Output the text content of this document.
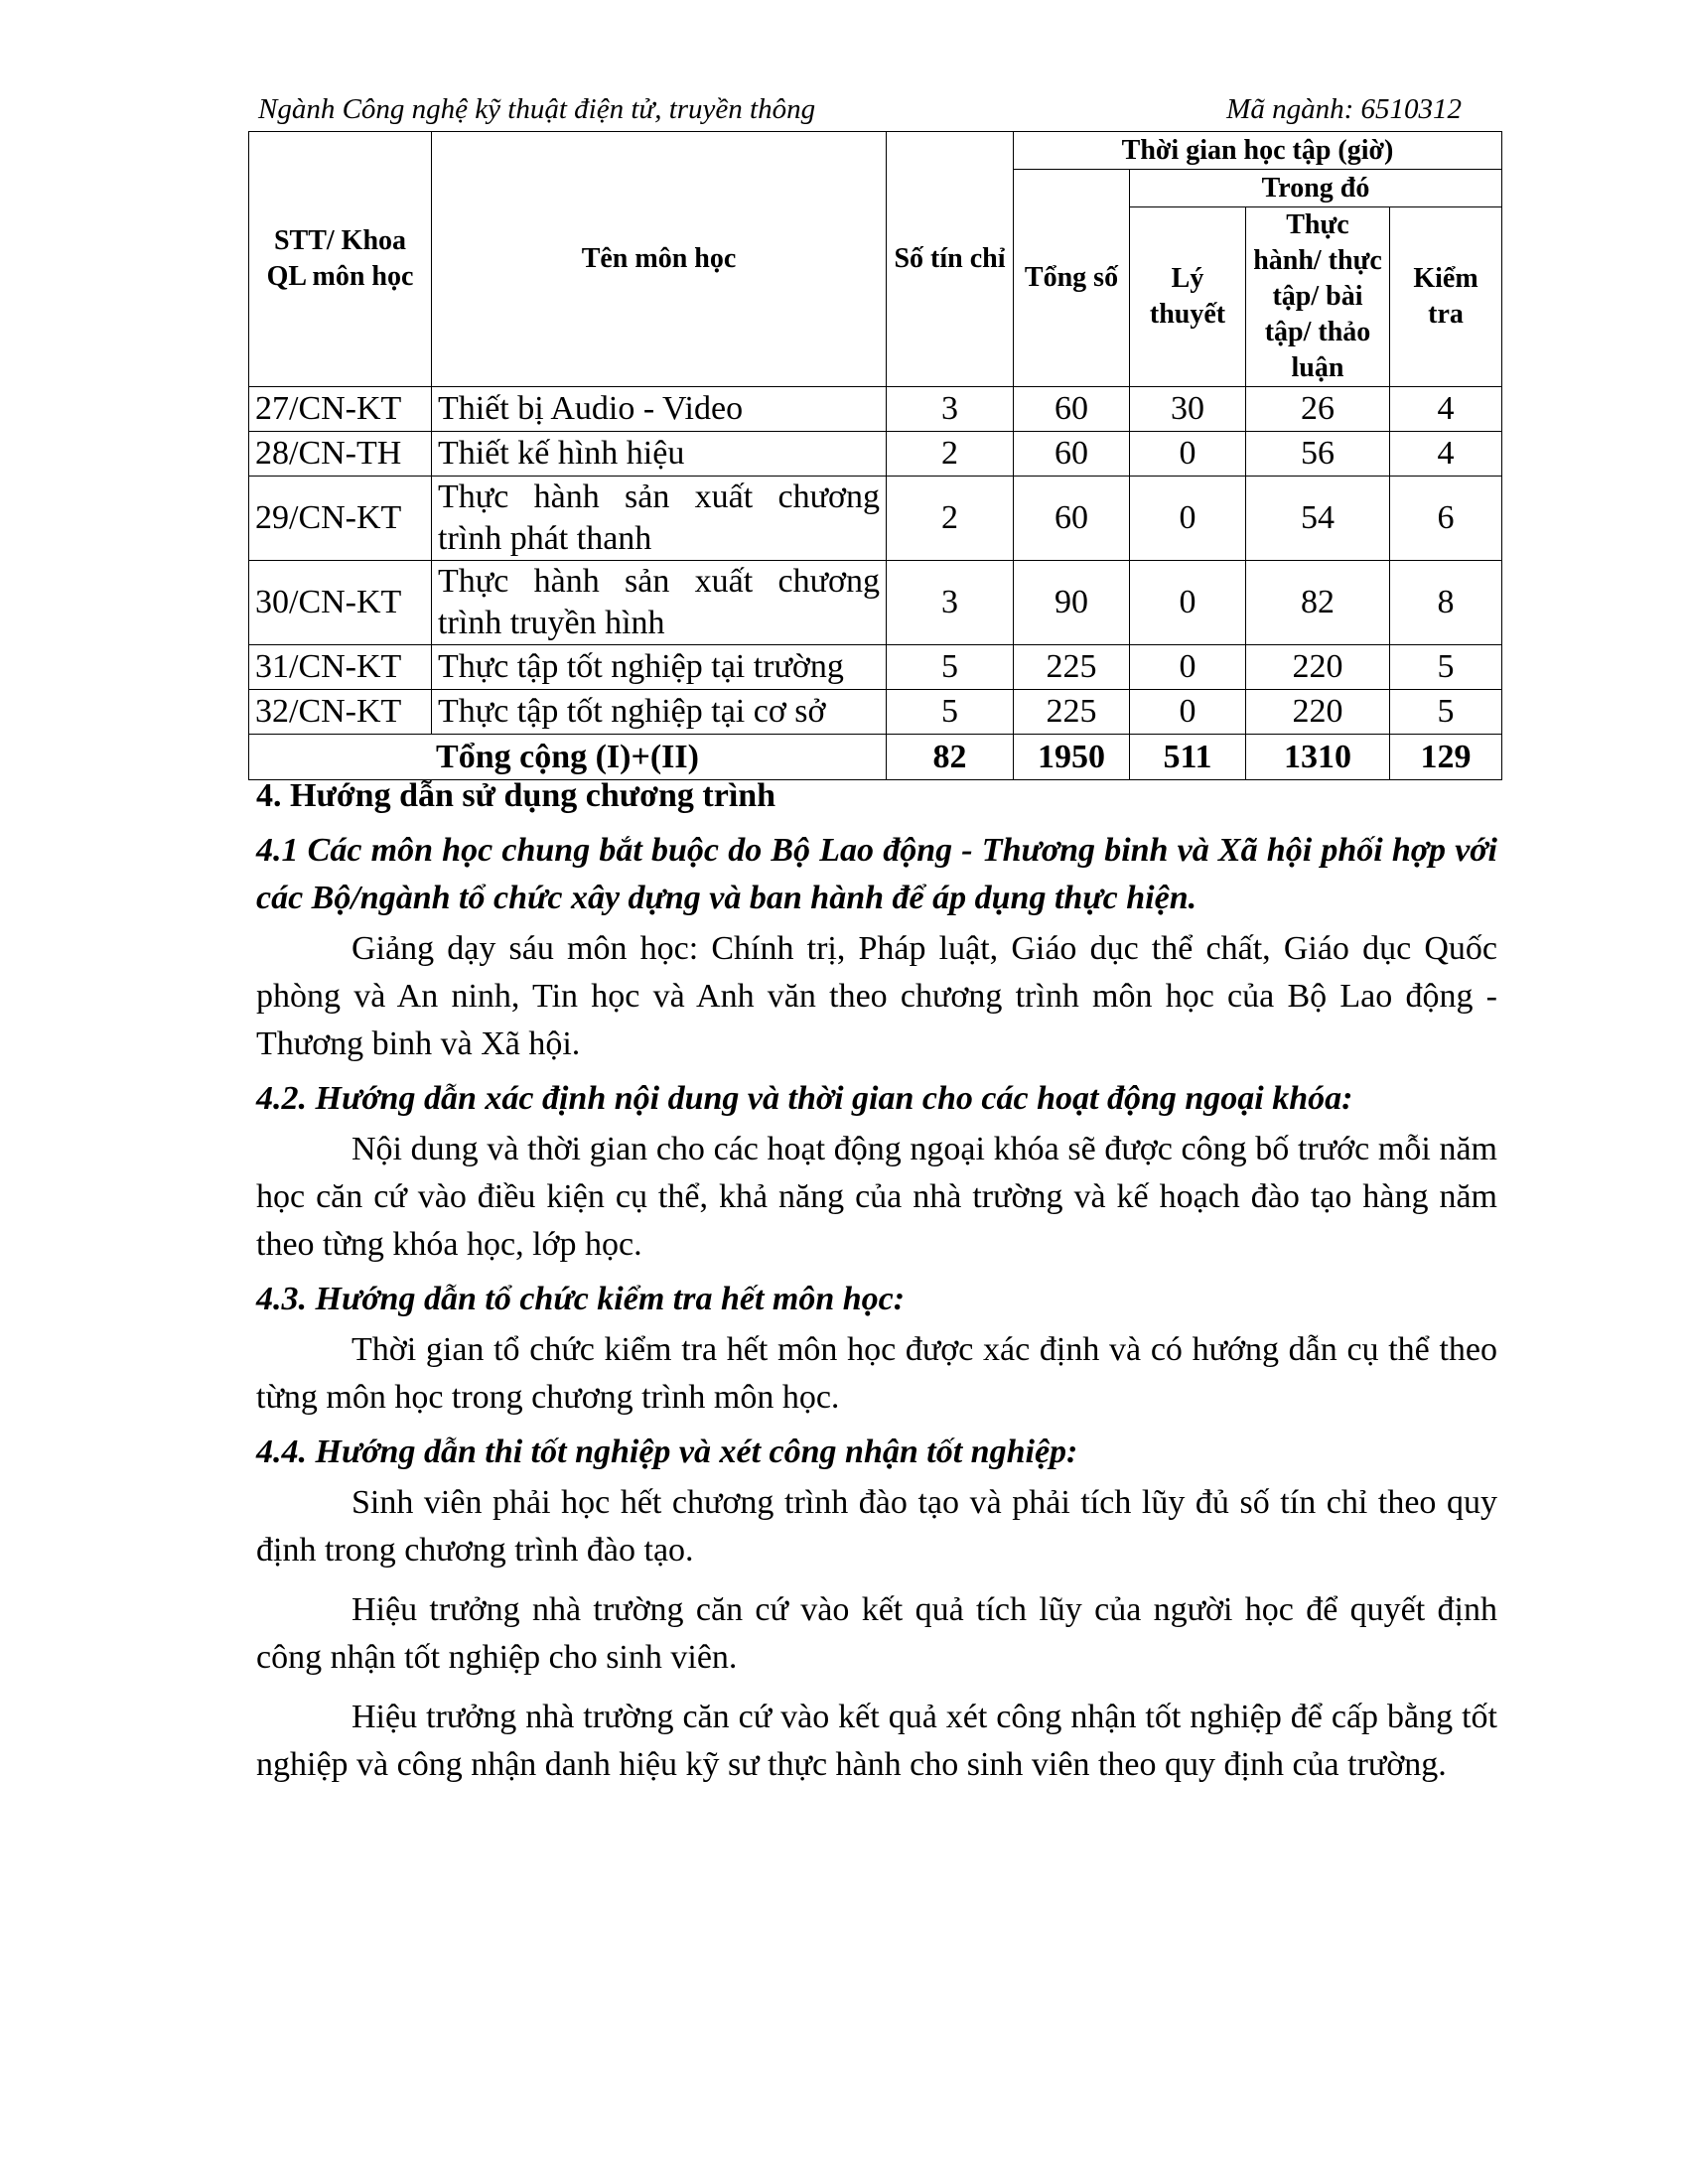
Ngành Công nghệ kỹ thuật điện tử, truyền thông	Mã ngành: 6510312
STT/ Khoa QL môn học	Tên môn học	Số tín chỉ	Thời gian học tập (giờ)			
			Tổng số	Trong đó		
				Lý thuyết	Thực hành/ thực tập/ bài tập/ thảo luận	Kiểm tra
27/CN-KT	Thiết bị Audio - Video	3	60	30	26	4
28/CN-TH	Thiết kế hình hiệu	2	60	0	56	4
29/CN-KT	Thực hành sản xuất chương trình phát thanh	2	60	0	54	6
30/CN-KT	Thực hành sản xuất chương trình truyền hình	3	90	0	82	8
31/CN-KT	Thực tập tốt nghiệp tại trường	5	225	0	220	5
32/CN-KT	Thực tập tốt nghiệp tại cơ sở	5	225	0	220	5
Tổng cộng (I)+(II)		82	1950	511	1310	129
4. Hướng dẫn sử dụng chương trình
4.1 Các môn học chung bắt buộc do Bộ Lao động - Thương binh và Xã hội phối hợp với các Bộ/ngành tổ chức xây dựng và ban hành để áp dụng thực hiện.

Giảng dạy sáu môn học: Chính trị, Pháp luật, Giáo dục thể chất, Giáo dục Quốc phòng và An ninh, Tin học và Anh văn theo chương trình môn học của Bộ Lao động - Thương binh và Xã hội.

4.2. Hướng dẫn xác định nội dung và thời gian cho các hoạt động ngoại khóa:

Nội dung và thời gian cho các hoạt động ngoại khóa sẽ được công bố trước mỗi năm học căn cứ vào điều kiện cụ thể, khả năng của nhà trường và kế hoạch đào tạo hàng năm theo từng khóa học, lớp học.

4.3. Hướng dẫn tổ chức kiểm tra hết môn học:

Thời gian tổ chức kiểm tra hết môn học được xác định và có hướng dẫn cụ thể theo từng môn học trong chương trình môn học.

4.4. Hướng dẫn thi tốt nghiệp và xét công nhận tốt nghiệp:

Sinh viên phải học hết chương trình đào tạo và phải tích lũy đủ số tín chỉ theo quy định trong chương trình đào tạo.

Hiệu trưởng nhà trường căn cứ vào kết quả tích lũy của người học để quyết định công nhận tốt nghiệp cho sinh viên.

Hiệu trưởng nhà trường căn cứ vào kết quả xét công nhận tốt nghiệp để cấp bằng tốt nghiệp và công nhận danh hiệu kỹ sư thực hành cho sinh viên theo quy định của trường.
